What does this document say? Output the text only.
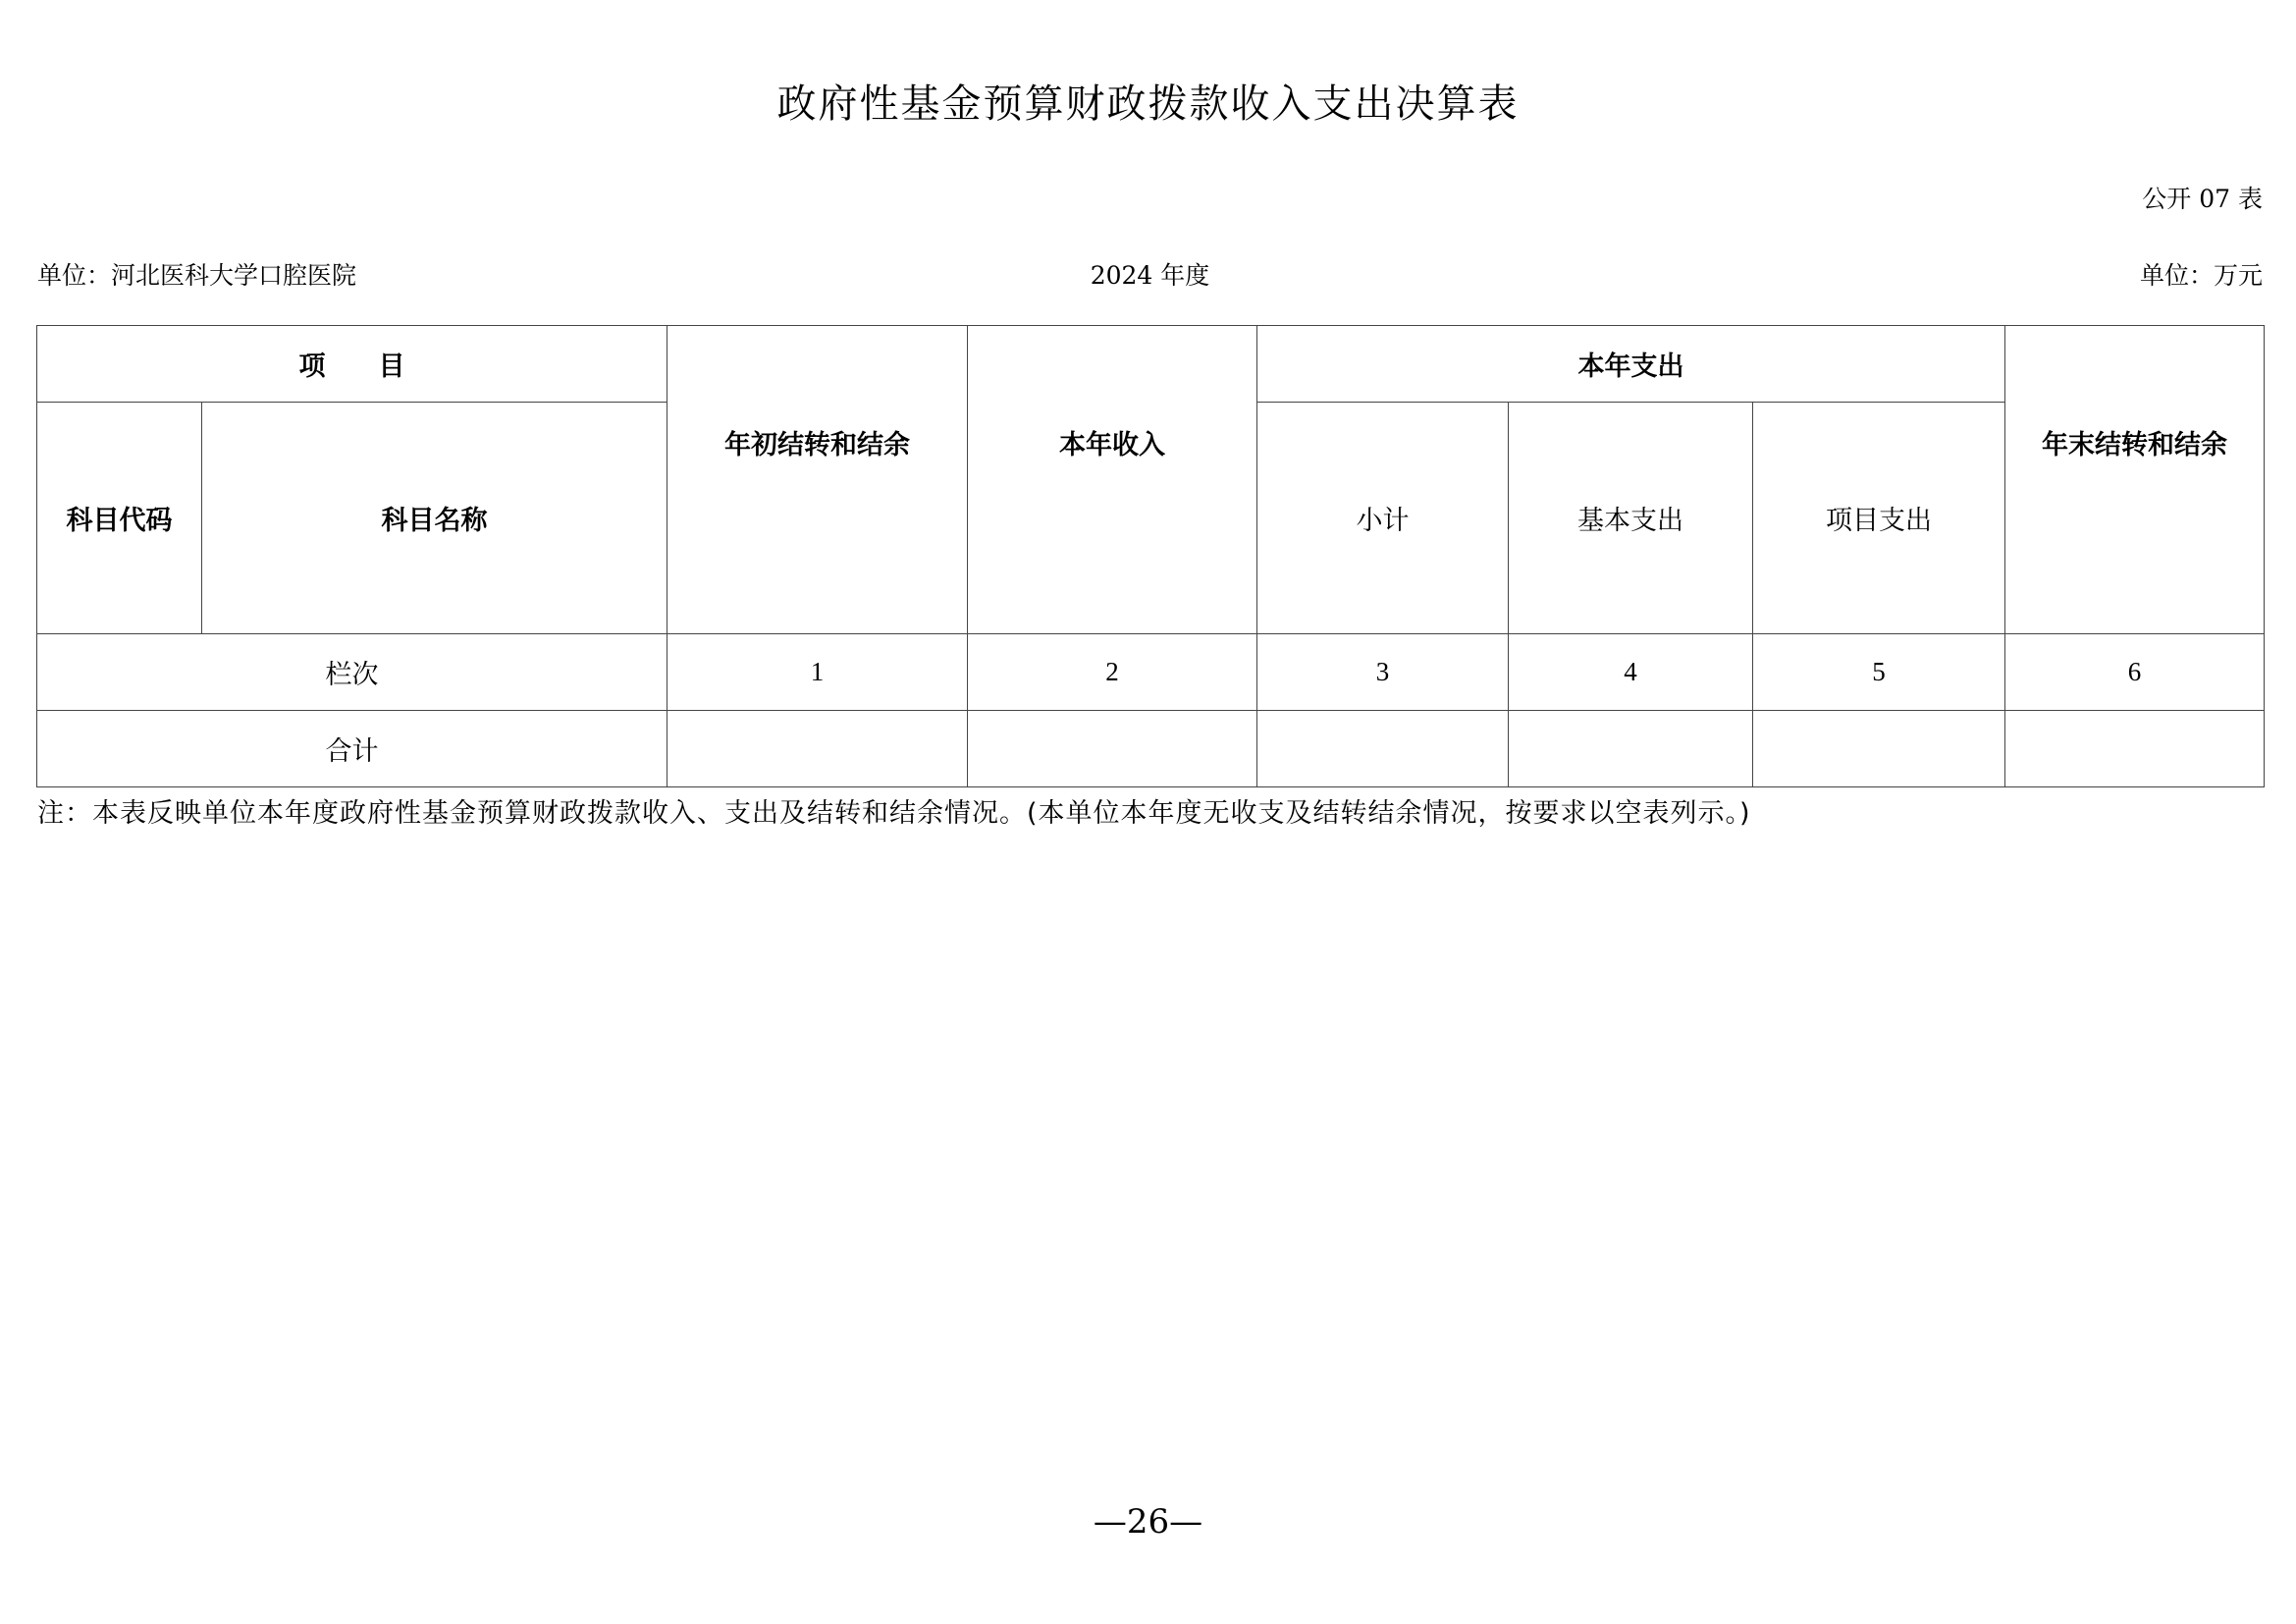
政府性基金预算财政拨款收入支出决算表
公开 07 表
单位：河北医科大学口腔医院	2024 年度	单位：万元
项　　目		年初结转和结余	本年收入	本年支出			年末结转和结余

科目代码	科目名称			小计	基本支出	项目支出	
栏次		1	2	3	4	5	6
合计							
注：本表反映单位本年度政府性基金预算财政拨款收入、支出及结转和结余情况。(本单位本年度无收支及结转结余情况，按要求以空表列示。)
—26—
